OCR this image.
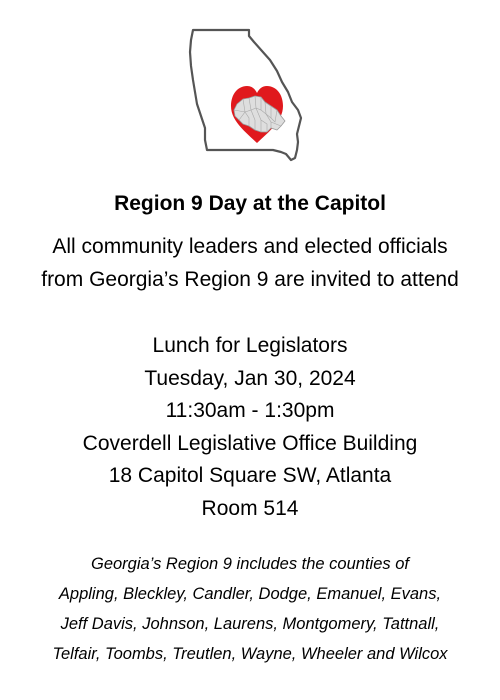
Region 9 Day at the Capitol
All community leaders and elected officials
from Georgia’s Region 9 are invited to attend
Lunch for Legislators
Tuesday, Jan 30, 2024
11:30am - 1:30pm
Coverdell Legislative Office Building
18 Capitol Square SW, Atlanta
Room 514
Georgia’s Region 9 includes the counties of
Appling, Bleckley, Candler, Dodge, Emanuel, Evans,
Jeff Davis, Johnson, Laurens, Montgomery, Tattnall,
Telfair, Toombs, Treutlen, Wayne, Wheeler and Wilcox
